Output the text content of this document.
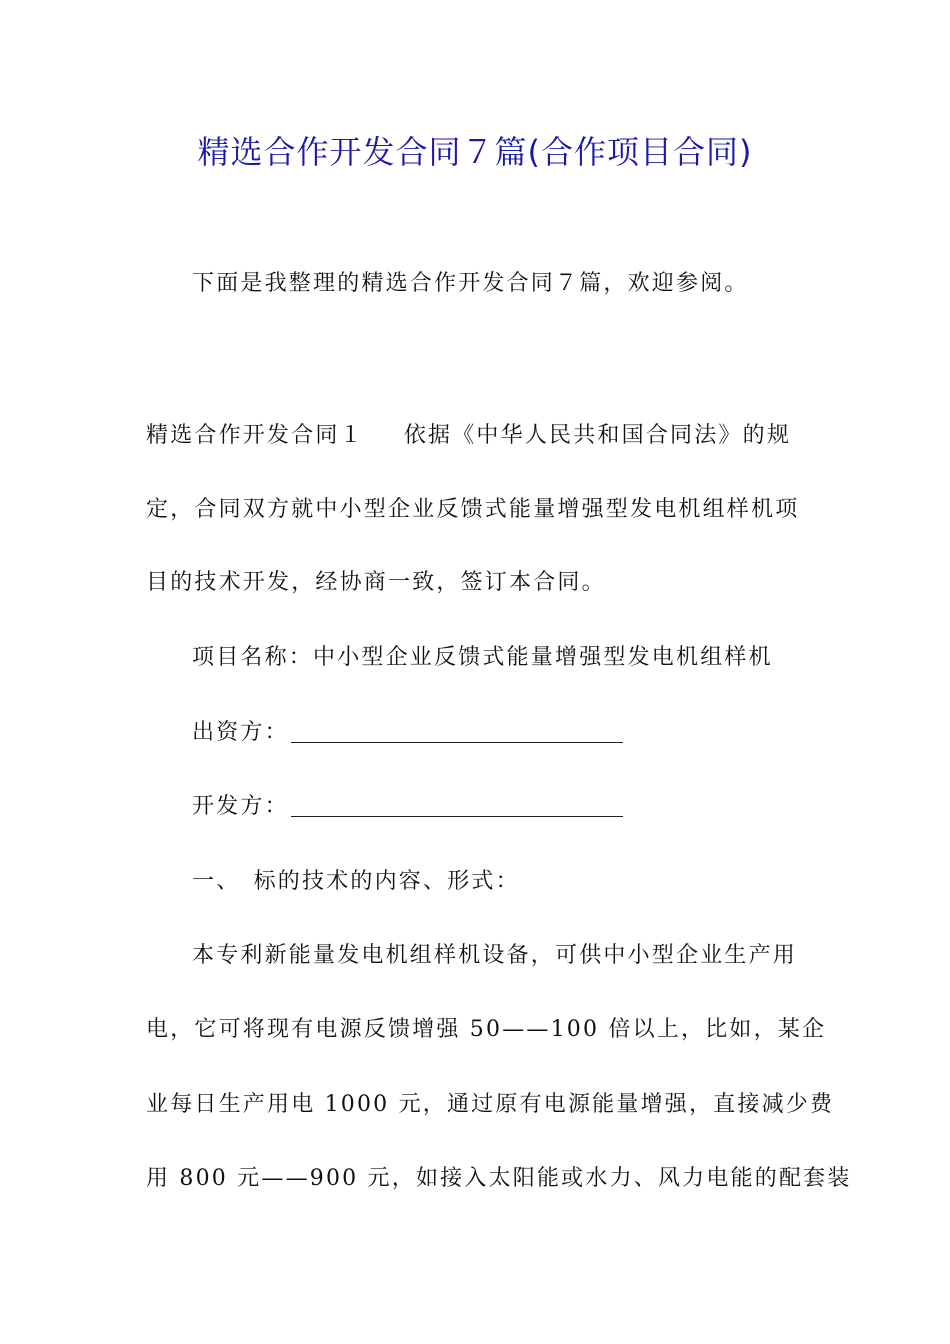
精选合作开发合同７篇(合作项目合同)
下面是我整理的精选合作开发合同７篇，欢迎参阅。
精选合作开发合同１ 依据《中华人民共和国合同法》的规
定，合同双方就中小型企业反馈式能量增强型发电机组样机项
目的技术开发，经协商一致，签订本合同。
项目名称：中小型企业反馈式能量增强型发电机组样机
出资方：
开发方：
一、　标的技术的内容、形式：
本专利新能量发电机组样机设备，可供中小型企业生产用
电，它可将现有电源反馈增强 50——100 倍以上，比如，某企
业每日生产用电 1000 元，通过原有电源能量增强，直接减少费
用 800 元——900 元，如接入太阳能或水力、风力电能的配套装
